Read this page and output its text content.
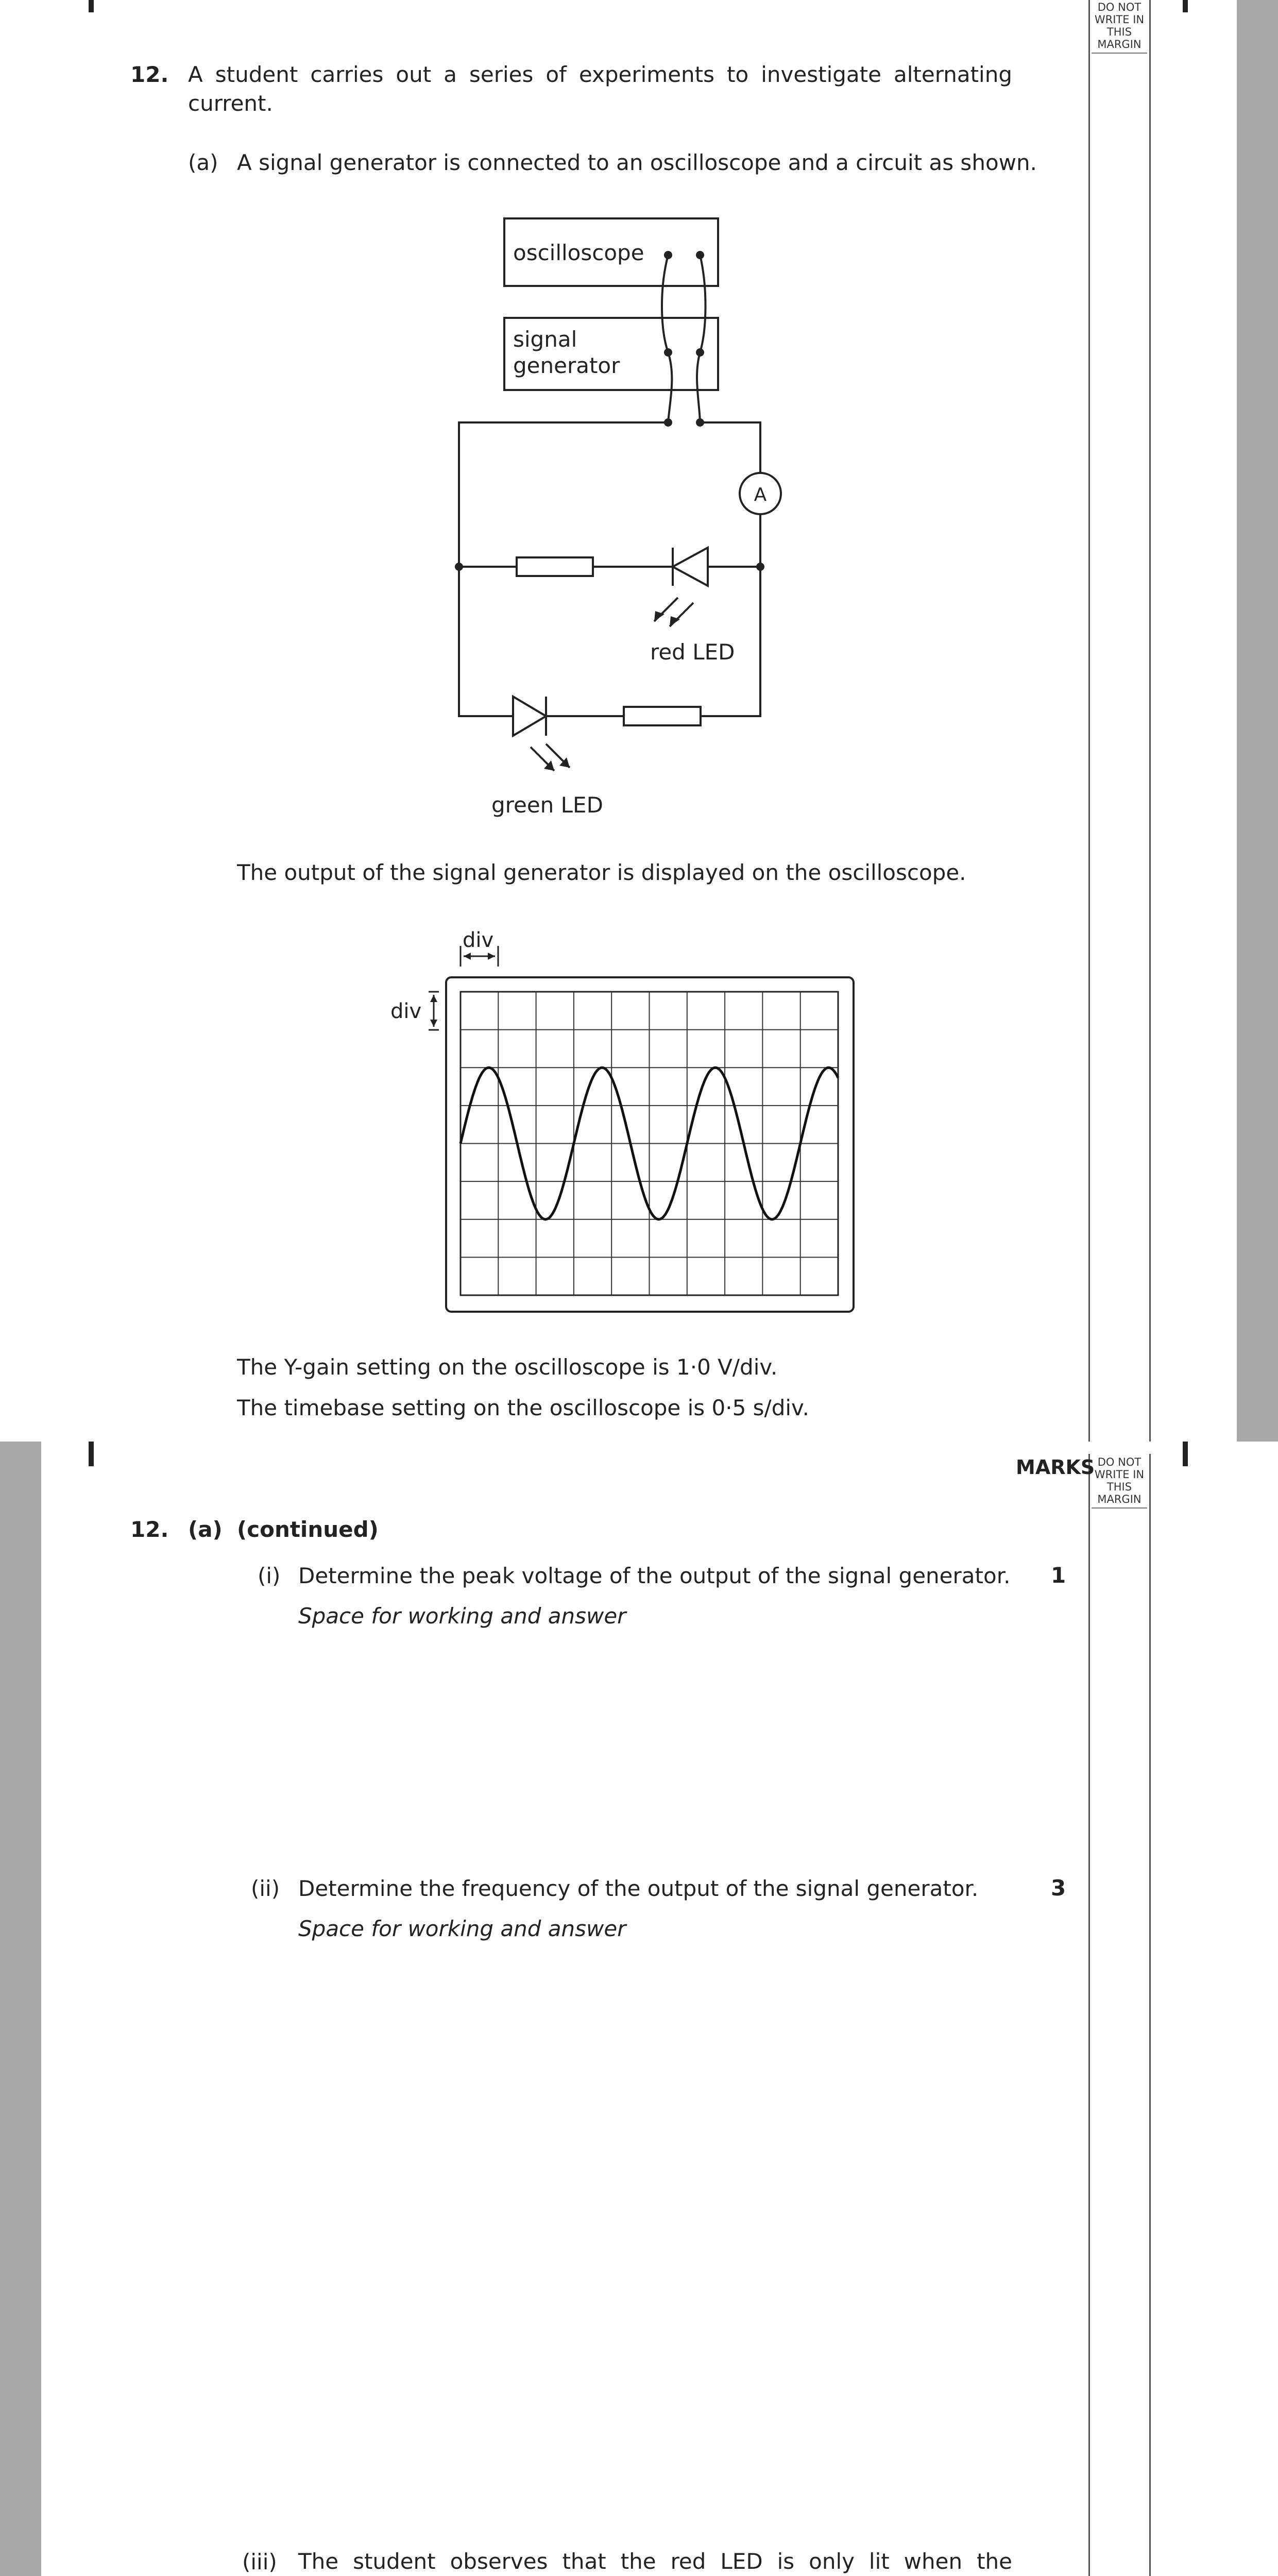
DO NOT
WRITE IN
THIS
MARGIN
12. A student carries out a series of experiments to investigate alternating current.
(a) A signal generator is connected to an oscilloscope and a circuit as shown.
oscilloscope
signal
generator
A
red LED
green LED
The output of the signal generator is displayed on the oscilloscope.
div
div
The Y-gain setting on the oscilloscope is 1·0 V/div.
The timebase setting on the oscilloscope is 0·5 s/div.
DO NOT
WRITE IN
THIS
MARGIN
MARKS
12. (a) (continued)
(i) Determine the peak voltage of the output of the signal generator. 1
Space for working and answer
(ii) Determine the frequency of the output of the signal generator.	3
Space for working and answer
(iii) The student observes that the red LED is only lit when the
